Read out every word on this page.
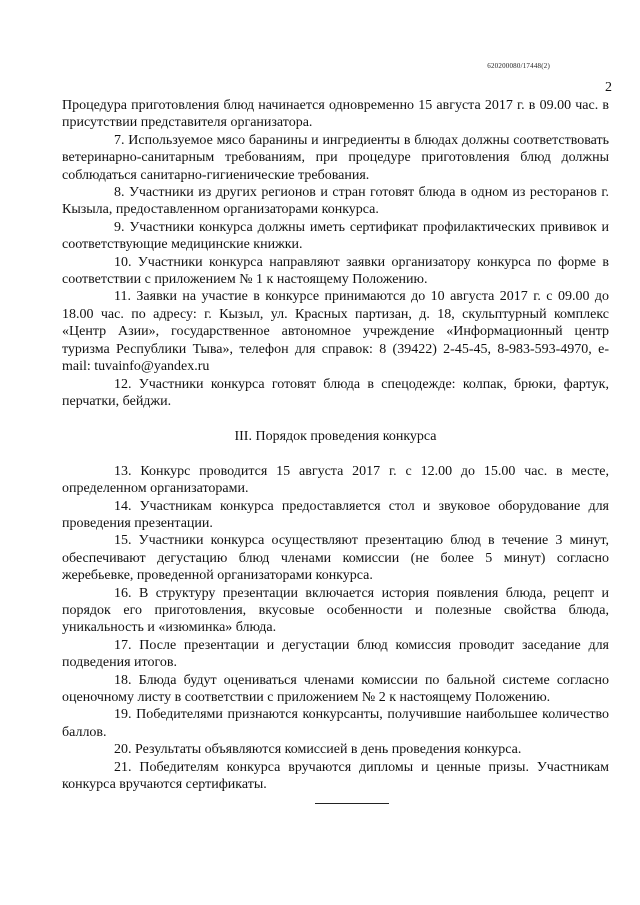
620200080/17448(2)
2

Процедура приготовления блюд начинается одновременно 15 августа 2017 г. в 09.00 час. в присутствии представителя организатора.

7. Используемое мясо баранины и ингредиенты в блюдах должны соответствовать ветеринарно-санитарным требованиям, при процедуре приготовления блюд должны соблюдаться санитарно-гигиенические требования.

8. Участники из других регионов и стран готовят блюда в одном из ресторанов г. Кызыла, предоставленном организаторами конкурса.

9. Участники конкурса должны иметь сертификат профилактических прививок и соответствующие медицинские книжки.

10. Участники конкурса направляют заявки организатору конкурса по форме в соответствии с приложением № 1 к настоящему Положению.

11. Заявки на участие в конкурсе принимаются до 10 августа 2017 г. с 09.00 до 18.00 час. по адресу: г. Кызыл, ул. Красных партизан, д. 18, скульптурный комплекс «Центр Азии», государственное автономное учреждение «Информационный центр туризма Республики Тыва», телефон для справок: 8 (39422) 2-45-45, 8-983-593-4970, e-mail: tuvainfo@yandex.ru

12. Участники конкурса готовят блюда в спецодежде: колпак, брюки, фартук, перчатки, бейджи.

III. Порядок проведения конкурса

13. Конкурс проводится 15 августа 2017 г. с 12.00 до 15.00 час. в месте, определенном организаторами.

14. Участникам конкурса предоставляется стол и звуковое оборудование для проведения презентации.

15. Участники конкурса осуществляют презентацию блюд в течение 3 минут, обеспечивают дегустацию блюд членами комиссии (не более 5 минут) согласно жеребьевке, проведенной организаторами конкурса.

16. В структуру презентации включается история появления блюда, рецепт и порядок его приготовления, вкусовые особенности и полезные свойства блюда, уникальность и «изюминка» блюда.

17. После презентации и дегустации блюд комиссия проводит заседание для подведения итогов.

18. Блюда будут оцениваться членами комиссии по бальной системе согласно оценочному листу в соответствии с приложением № 2 к настоящему Положению.

19. Победителями признаются конкурсанты, получившие наибольшее количество баллов.

20. Результаты объявляются комиссией в день проведения конкурса.

21. Победителям конкурса вручаются дипломы и ценные призы. Участникам конкурса вручаются сертификаты.
